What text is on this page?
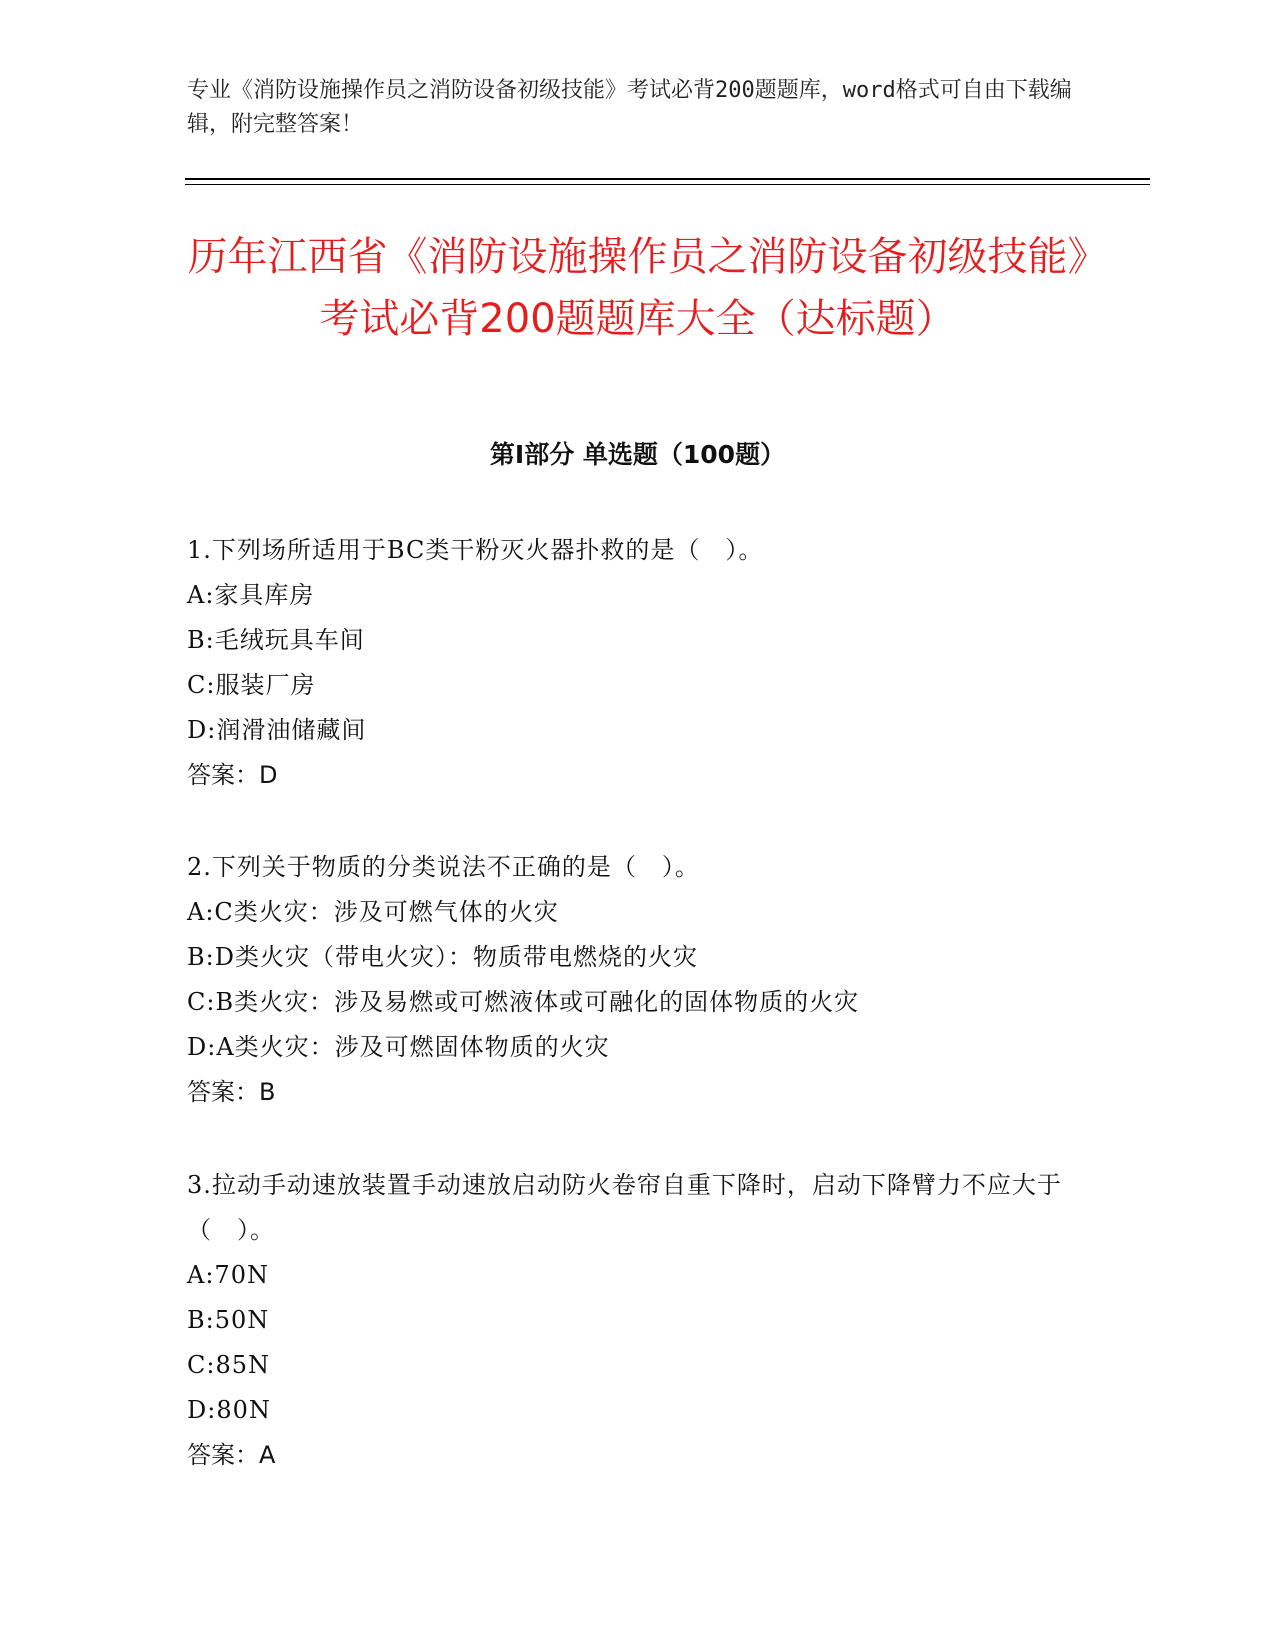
专业《消防设施操作员之消防设备初级技能》考试必背200题题库，word格式可自由下载编辑，附完整答案！
历年江西省《消防设施操作员之消防设备初级技能》考试必背200题题库大全（达标题）
第I部分 单选题（100题）

1.下列场所适用于BC类干粉灭火器扑救的是（　）。

A:家具库房

B:毛绒玩具车间

C:服装厂房

D:润滑油储藏间

答案：D

2.下列关于物质的分类说法不正确的是（　）。

A:C类火灾：涉及可燃气体的火灾

B:D类火灾（带电火灾）：物质带电燃烧的火灾

C:B类火灾：涉及易燃或可燃液体或可融化的固体物质的火灾

D:A类火灾：涉及可燃固体物质的火灾

答案：B

3.拉动手动速放装置手动速放启动防火卷帘自重下降时，启动下降臂力不应大于（　）。

A:70N

B:50N

C:85N

D:80N

答案：A
